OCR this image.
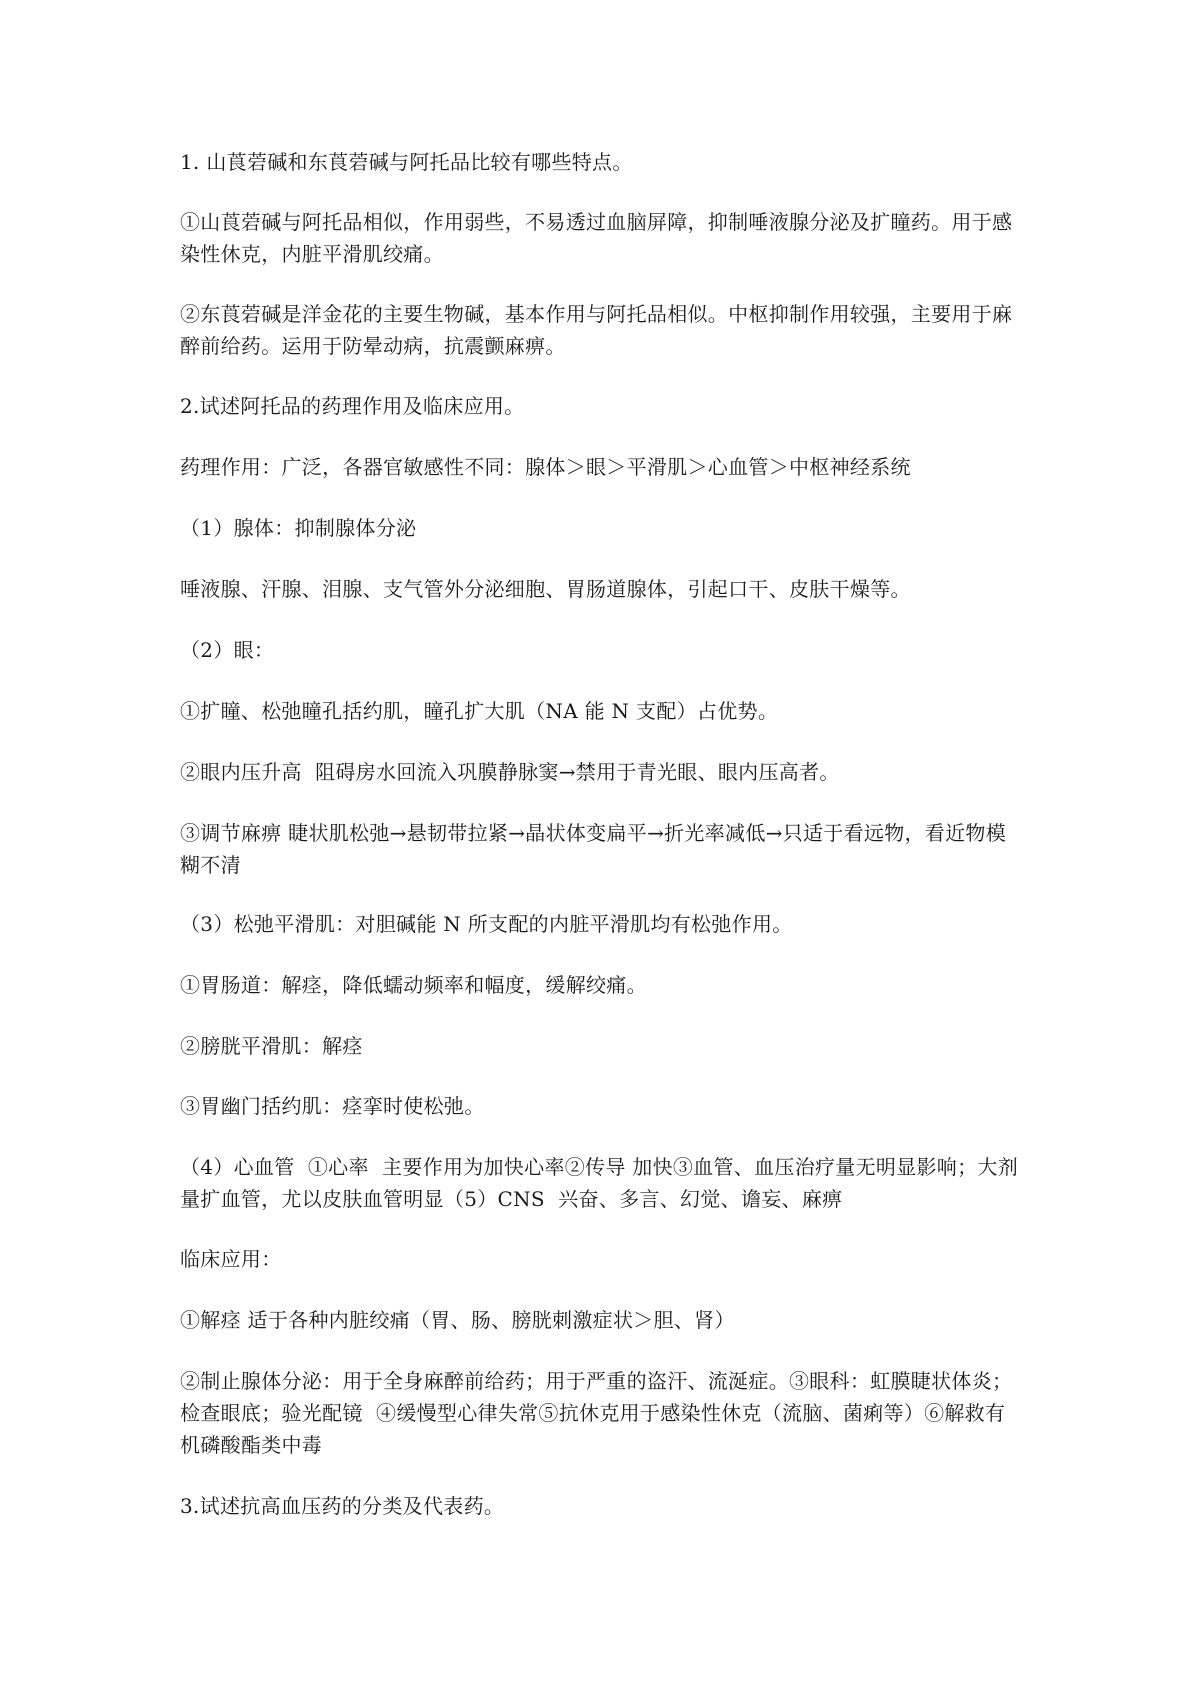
1. 山莨菪碱和东莨菪碱与阿托品比较有哪些特点。

①山莨菪碱与阿托品相似，作用弱些，不易透过血脑屏障，抑制唾液腺分泌及扩瞳药。用于感染性休克，内脏平滑肌绞痛。

②东莨菪碱是洋金花的主要生物碱，基本作用与阿托品相似。中枢抑制作用较强，主要用于麻醉前给药。运用于防晕动病，抗震颤麻痹。

2.试述阿托品的药理作用及临床应用。

药理作用：广泛，各器官敏感性不同：腺体＞眼＞平滑肌＞心血管＞中枢神经系统

（1）腺体：抑制腺体分泌

唾液腺、汗腺、泪腺、支气管外分泌细胞、胃肠道腺体，引起口干、皮肤干燥等。

（2）眼：

①扩瞳、松弛瞳孔括约肌，瞳孔扩大肌（NA 能 N 支配）占优势。

②眼内压升高  阻碍房水回流入巩膜静脉窦→禁用于青光眼、眼内压高者。

③调节麻痹 睫状肌松弛→悬韧带拉紧→晶状体变扁平→折光率减低→只适于看远物，看近物模糊不清

（3）松弛平滑肌：对胆碱能 N 所支配的内脏平滑肌均有松弛作用。

①胃肠道：解痉，降低蠕动频率和幅度，缓解绞痛。

②膀胱平滑肌：解痉

③胃幽门括约肌：痉挛时使松弛。

（4）心血管  ①心率  主要作用为加快心率②传导 加快③血管、血压治疗量无明显影响；大剂量扩血管，尤以皮肤血管明显（5）CNS  兴奋、多言、幻觉、谵妄、麻痹

临床应用：

①解痉 适于各种内脏绞痛（胃、肠、膀胱刺激症状＞胆、肾）

②制止腺体分泌：用于全身麻醉前给药；用于严重的盗汗、流涎症。③眼科：虹膜睫状体炎；检查眼底；验光配镜  ④缓慢型心律失常⑤抗休克用于感染性休克（流脑、菌痢等）⑥解救有机磷酸酯类中毒

3.试述抗高血压药的分类及代表药。
